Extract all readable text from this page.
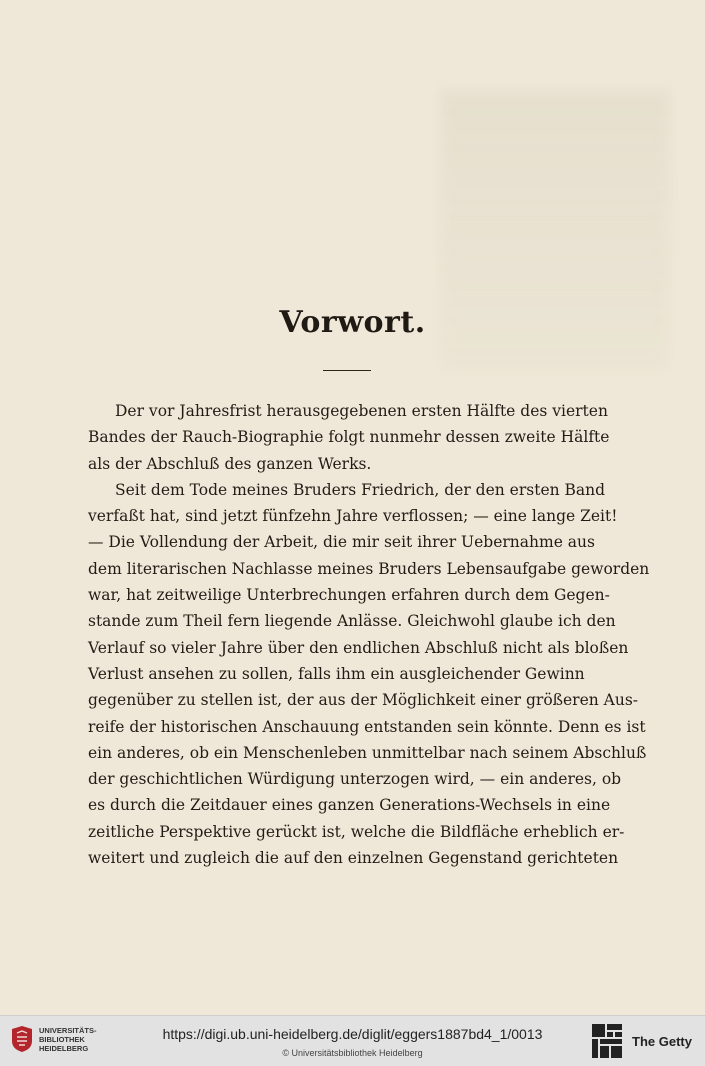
Vorwort.
Der vor Jahresfrist herausgegebenen ersten Hälfte des vierten
Bandes der Rauch-Biographie folgt nunmehr dessen zweite Hälfte
als der Abschluß des ganzen Werks.
Seit dem Tode meines Bruders Friedrich, der den ersten Band
verfaßt hat, sind jetzt fünfzehn Jahre verflossen; — eine lange Zeit!
— Die Vollendung der Arbeit, die mir seit ihrer Uebernahme aus
dem literarischen Nachlasse meines Bruders Lebensaufgabe geworden
war, hat zeitweilige Unterbrechungen erfahren durch dem Gegen-
stande zum Theil fern liegende Anlässe. Gleichwohl glaube ich den
Verlauf so vieler Jahre über den endlichen Abschluß nicht als bloßen
Verlust ansehen zu sollen, falls ihm ein ausgleichender Gewinn
gegenüber zu stellen ist, der aus der Möglichkeit einer größeren Aus-
reife der historischen Anschauung entstanden sein könnte. Denn es ist
ein anderes, ob ein Menschenleben unmittelbar nach seinem Abschluß
der geschichtlichen Würdigung unterzogen wird, — ein anderes, ob
es durch die Zeitdauer eines ganzen Generations-Wechsels in eine
zeitliche Perspektive gerückt ist, welche die Bildfläche erheblich er-
weitert und zugleich die auf den einzelnen Gegenstand gerichteten
UNIVERSITÄTS-
BIBLIOTHEK
HEIDELBERG
https://digi.ub.uni-heidelberg.de/diglit/eggers1887bd4_1/0013
© Universitätsbibliothek Heidelberg
The Getty
